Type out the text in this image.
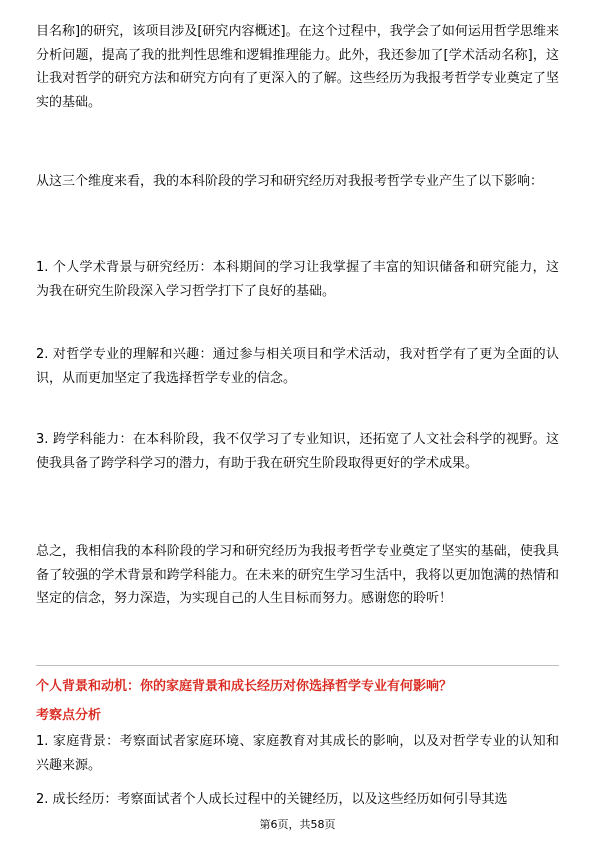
目名称]的研究，该项目涉及[研究内容概述]。在这个过程中，我学会了如何运用哲学思维来分析问题，提高了我的批判性思维和逻辑推理能力。此外，我还参加了[学术活动名称]，这让我对哲学的研究方法和研究方向有了更深入的了解。这些经历为我报考哲学专业奠定了坚实的基础。

从这三个维度来看，我的本科阶段的学习和研究经历对我报考哲学专业产生了以下影响：

1. 个人学术背景与研究经历：本科期间的学习让我掌握了丰富的知识储备和研究能力，这为我在研究生阶段深入学习哲学打下了良好的基础。

2. 对哲学专业的理解和兴趣：通过参与相关项目和学术活动，我对哲学有了更为全面的认识，从而更加坚定了我选择哲学专业的信念。

3. 跨学科能力：在本科阶段，我不仅学习了专业知识，还拓宽了人文社会科学的视野。这使我具备了跨学科学习的潜力，有助于我在研究生阶段取得更好的学术成果。

总之，我相信我的本科阶段的学习和研究经历为我报考哲学专业奠定了坚实的基础，使我具备了较强的学术背景和跨学科能力。在未来的研究生学习生活中，我将以更加饱满的热情和坚定的信念，努力深造，为实现自己的人生目标而努力。感谢您的聆听！

个人背景和动机：你的家庭背景和成长经历对你选择哲学专业有何影响？

考察点分析

1. 家庭背景：考察面试者家庭环境、家庭教育对其成长的影响，以及对哲学专业的认知和兴趣来源。

2. 成长经历：考察面试者个人成长过程中的关键经历，以及这些经历如何引导其选

第6页，共58页
